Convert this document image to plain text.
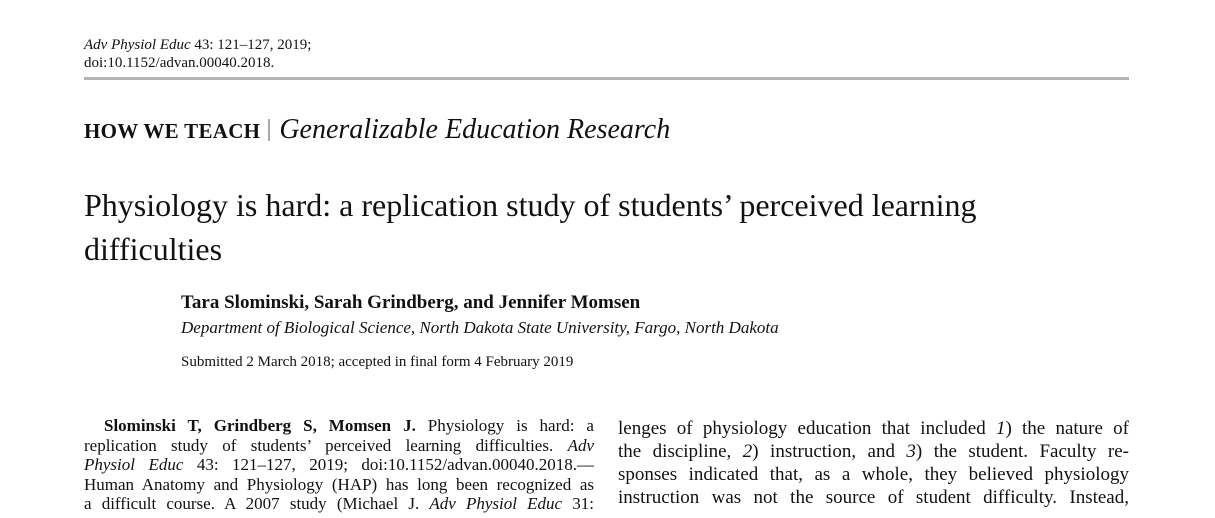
Adv Physiol Educ 43: 121–127, 2019;
doi:10.1152/advan.00040.2018.
HOW WE TEACH Generalizable Education Research
Physiology is hard: a replication study of students’ perceived learning
difficulties
Tara Slominski, Sarah Grindberg, and Jennifer Momsen
Department of Biological Science, North Dakota State University, Fargo, North Dakota
Submitted 2 March 2018; accepted in final form 4 February 2019
Slominski T, Grindberg S, Momsen J. Physiology is hard: a
replication study of students’ perceived learning difficulties. Adv
Physiol Educ 43: 121–127, 2019; doi:10.1152/advan.00040.2018.—
Human Anatomy and Physiology (HAP) has long been recognized as
a difficult course. A 2007 study (Michael J. Adv Physiol Educ 31:
lenges of physiology education that included 1) the nature of
the discipline, 2) instruction, and 3) the student. Faculty re-
sponses indicated that, as a whole, they believed physiology
instruction was not the source of student difficulty. Instead,
